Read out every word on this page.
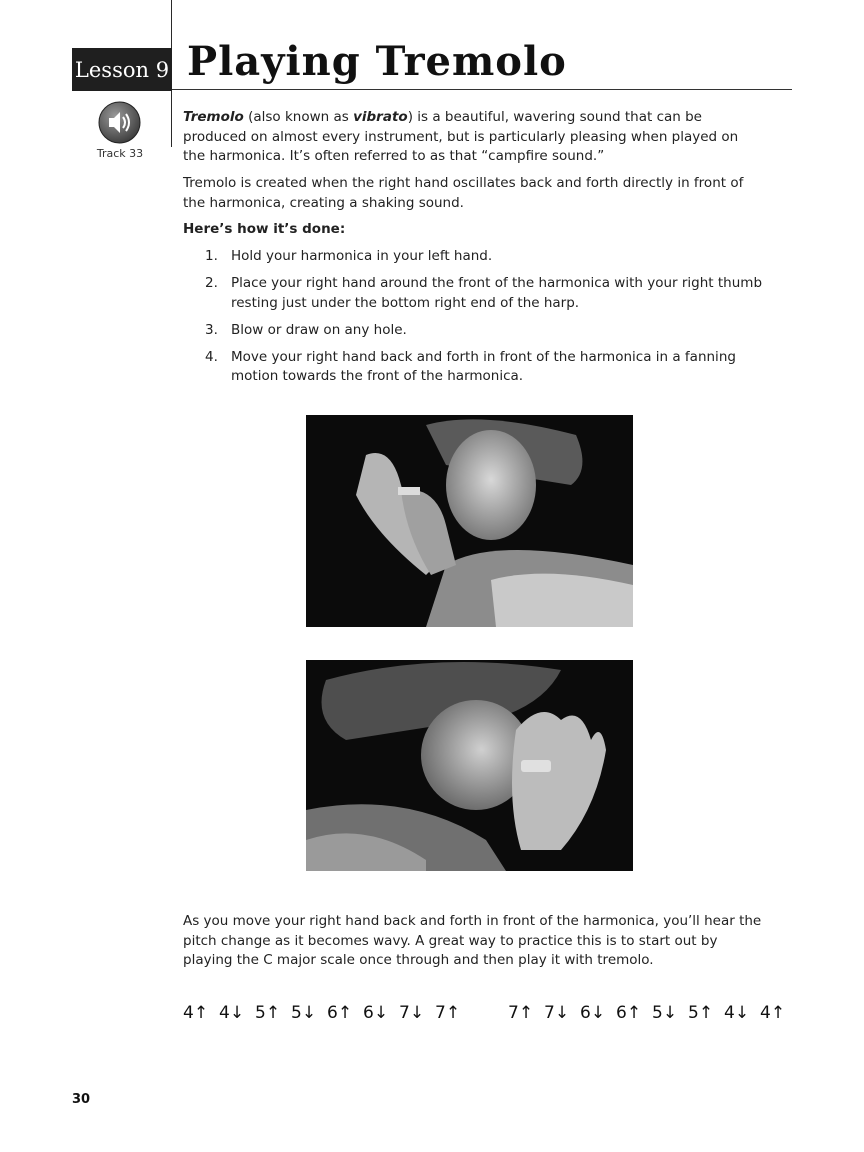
Lesson 9 Playing Tremolo
Track 33
Tremolo (also known as vibrato) is a beautiful, wavering sound that can be produced on almost every instrument, but is particularly pleasing when played on the harmonica. It’s often referred to as that “campfire sound.”
Tremolo is created when the right hand oscillates back and forth directly in front of the harmonica, creating a shaking sound.
Here’s how it’s done:
1. Hold your harmonica in your left hand.
2. Place your right hand around the front of the harmonica with your right thumb resting just under the bottom right end of the harp.
3. Blow or draw on any hole.
4. Move your right hand back and forth in front of the harmonica in a fanning motion towards the front of the harmonica.
As you move your right hand back and forth in front of the harmonica, you’ll hear the pitch change as it becomes wavy. A great way to practice this is to start out by playing the C major scale once through and then play it with tremolo.
4↑ 4↓ 5↑ 5↓ 6↑ 6↓ 7↓ 7↑	7↑ 7↓ 6↓ 6↑ 5↓ 5↑ 4↓ 4↑
30
